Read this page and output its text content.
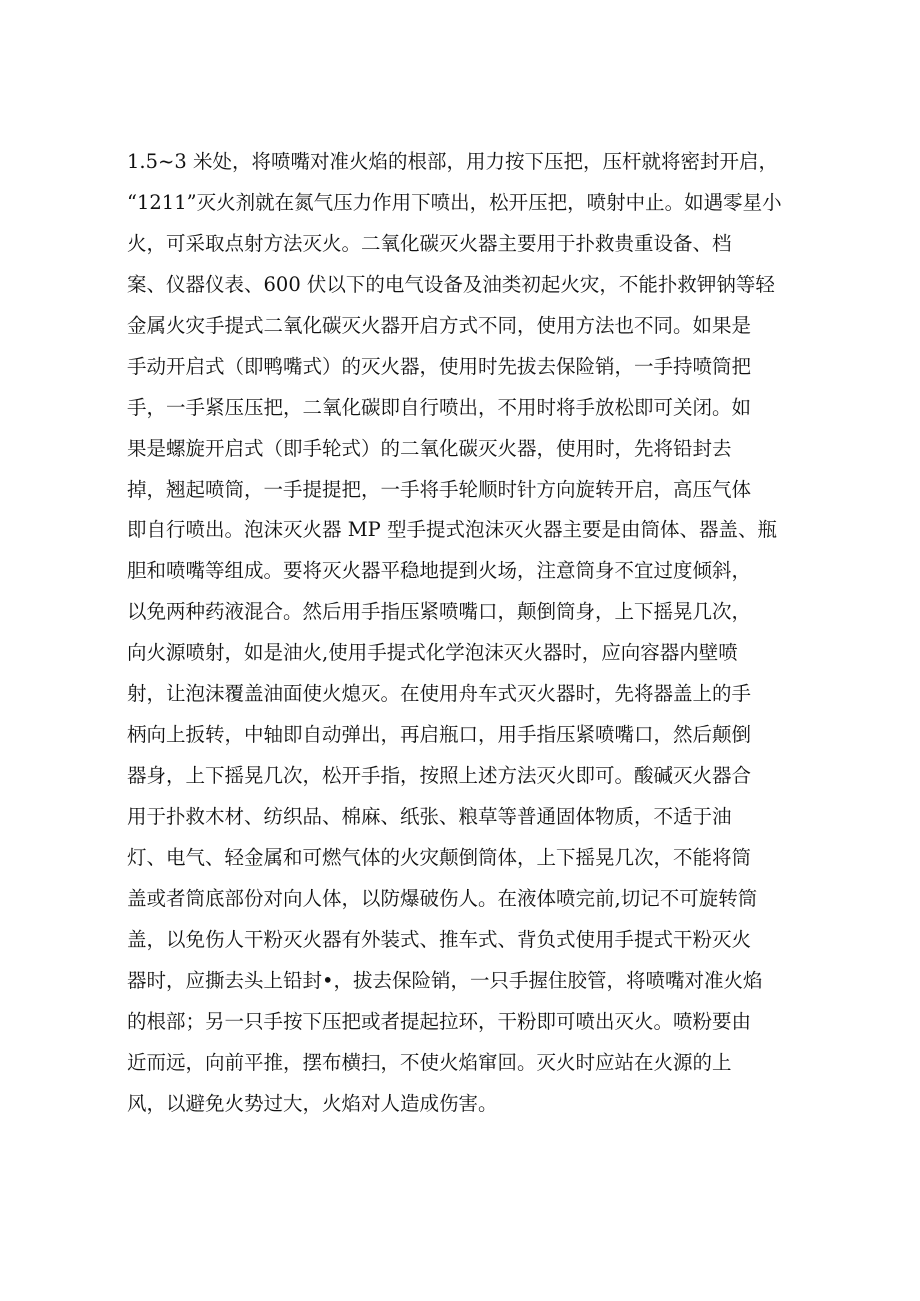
1.5~3 米处，将喷嘴对准火焰的根部，用力按下压把，压杆就将密封开启，
“1211”灭火剂就在氮气压力作用下喷出，松开压把，喷射中止。如遇零星小
火，可采取点射方法灭火。二氧化碳灭火器主要用于扑救贵重设备、档
案、仪器仪表、600 伏以下的电气设备及油类初起火灾，不能扑救钾钠等轻
金属火灾手提式二氧化碳灭火器开启方式不同，使用方法也不同。如果是
手动开启式（即鸭嘴式）的灭火器，使用时先拔去保险销，一手持喷筒把
手，一手紧压压把，二氧化碳即自行喷出，不用时将手放松即可关闭。如
果是螺旋开启式（即手轮式）的二氧化碳灭火器，使用时，先将铅封去
掉，翘起喷筒，一手提提把，一手将手轮顺时针方向旋转开启，高压气体
即自行喷出。泡沫灭火器 MP 型手提式泡沫灭火器主要是由筒体、器盖、瓶
胆和喷嘴等组成。要将灭火器平稳地提到火场，注意筒身不宜过度倾斜，
以免两种药液混合。然后用手指压紧喷嘴口，颠倒筒身，上下摇晃几次，
向火源喷射，如是油火,使用手提式化学泡沫灭火器时，应向容器内壁喷
射，让泡沫覆盖油面使火熄灭。在使用舟车式灭火器时，先将器盖上的手
柄向上扳转，中轴即自动弹出，再启瓶口，用手指压紧喷嘴口，然后颠倒
器身，上下摇晃几次，松开手指，按照上述方法灭火即可。酸碱灭火器合
用于扑救木材、纺织品、棉麻、纸张、粮草等普通固体物质，不适于油
灯、电气、轻金属和可燃气体的火灾颠倒筒体，上下摇晃几次，不能将筒
盖或者筒底部份对向人体，以防爆破伤人。在液体喷完前,切记不可旋转筒
盖，以免伤人干粉灭火器有外装式、推车式、背负式使用手提式干粉灭火
器时，应撕去头上铅封•，拔去保险销，一只手握住胶管，将喷嘴对准火焰
的根部；另一只手按下压把或者提起拉环，干粉即可喷出灭火。喷粉要由
近而远，向前平推，摆布横扫，不使火焰窜回。灭火时应站在火源的上
风，以避免火势过大，火焰对人造成伤害。
